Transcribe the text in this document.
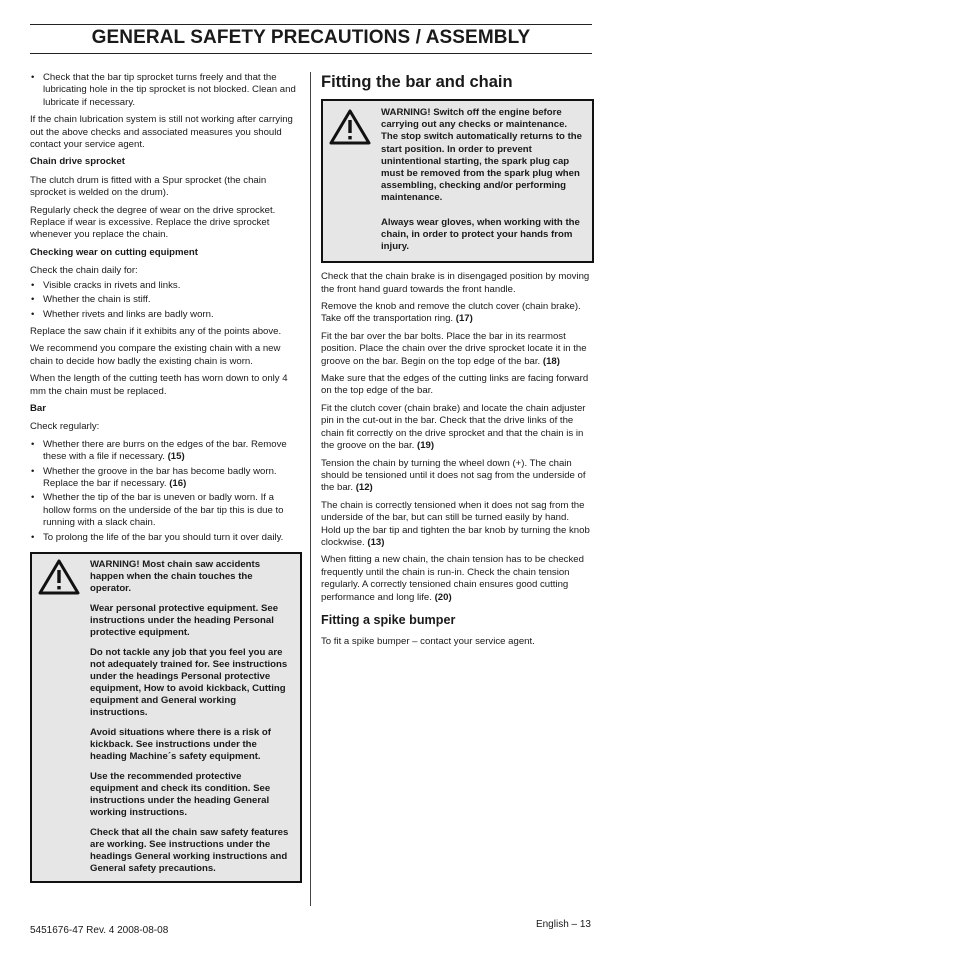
GENERAL SAFETY PRECAUTIONS / ASSEMBLY
• Check that the bar tip sprocket turns freely and that the lubricating hole in the tip sprocket is not blocked. Clean and lubricate if necessary.

If the chain lubrication system is still not working after carrying out the above checks and associated measures you should contact your service agent.

Chain drive sprocket

The clutch drum is fitted with a Spur sprocket (the chain sprocket is welded on the drum).

Regularly check the degree of wear on the drive sprocket. Replace if wear is excessive. Replace the drive sprocket whenever you replace the chain.

Checking wear on cutting equipment

Check the chain daily for:

• Visible cracks in rivets and links.
• Whether the chain is stiff.
• Whether rivets and links are badly worn.

Replace the saw chain if it exhibits any of the points above.

We recommend you compare the existing chain with a new chain to decide how badly the existing chain is worn.

When the length of the cutting teeth has worn down to only 4 mm the chain must be replaced.

Bar

Check regularly:

• Whether there are burrs on the edges of the bar. Remove these with a file if necessary. (15)
• Whether the groove in the bar has become badly worn. Replace the bar if necessary. (16)
• Whether the tip of the bar is uneven or badly worn. If a hollow forms on the underside of the bar tip this is due to running with a slack chain.
• To prolong the life of the bar you should turn it over daily.

WARNING! Most chain saw accidents happen when the chain touches the operator.

Wear personal protective equipment. See instructions under the heading Personal protective equipment.

Do not tackle any job that you feel you are not adequately trained for. See instructions under the headings Personal protective equipment, How to avoid kickback, Cutting equipment and General working instructions.

Avoid situations where there is a risk of kickback. See instructions under the heading Machine´s safety equipment.

Use the recommended protective equipment and check its condition. See instructions under the heading General working instructions.

Check that all the chain saw safety features are working. See instructions under the headings General working instructions and General safety precautions.

Fitting the bar and chain

WARNING! Switch off the engine before carrying out any checks or maintenance. The stop switch automatically returns to the start position. In order to prevent unintentional starting, the spark plug cap must be removed from the spark plug when assembling, checking and/or performing maintenance.

Always wear gloves, when working with the chain, in order to protect your hands from injury.

Check that the chain brake is in disengaged position by moving the front hand guard towards the front handle.

Remove the knob and remove the clutch cover (chain brake). Take off the transportation ring. (17)

Fit the bar over the bar bolts. Place the bar in its rearmost position. Place the chain over the drive sprocket locate it in the groove on the bar. Begin on the top edge of the bar. (18)

Make sure that the edges of the cutting links are facing forward on the top edge of the bar.

Fit the clutch cover (chain brake) and locate the chain adjuster pin in the cut-out in the bar. Check that the drive links of the chain fit correctly on the drive sprocket and that the chain is in the groove on the bar. (19)

Tension the chain by turning the wheel down (+). The chain should be tensioned until it does not sag from the underside of the bar. (12)

The chain is correctly tensioned when it does not sag from the underside of the bar, but can still be turned easily by hand. Hold up the bar tip and tighten the bar knob by turning the knob clockwise. (13)

When fitting a new chain, the chain tension has to be checked frequently until the chain is run-in. Check the chain tension regularly. A correctly tensioned chain ensures good cutting performance and long life. (20)

Fitting a spike bumper

To fit a spike bumper – contact your service agent.

5451676-47 Rev. 4 2008-08-08
English – 13
